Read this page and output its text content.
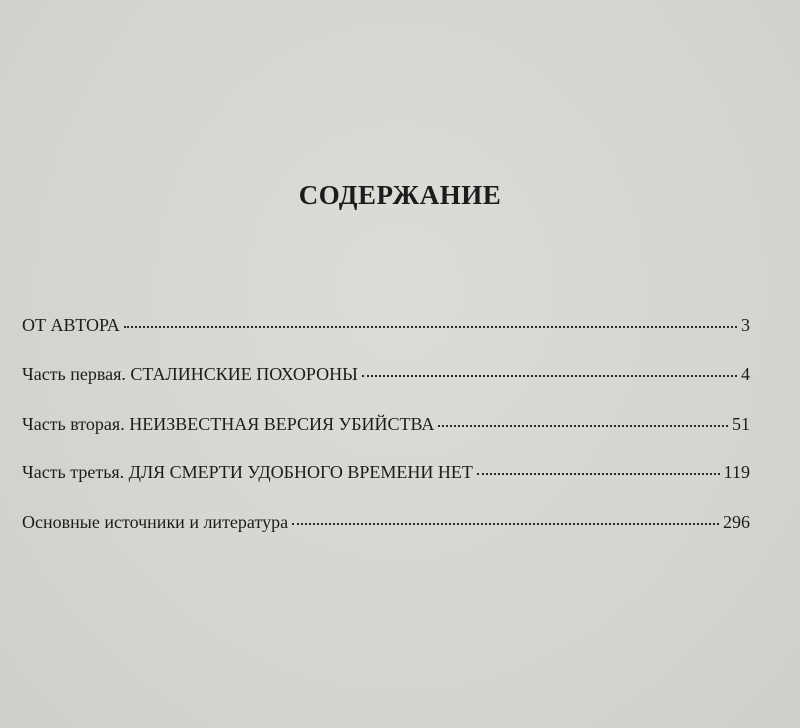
СОДЕРЖАНИЕ
ОТ АВТОРА	3
Часть первая. СТАЛИНСКИЕ ПОХОРОНЫ	4
Часть вторая. НЕИЗВЕСТНАЯ ВЕРСИЯ УБИЙСТВА	51
Часть третья. ДЛЯ СМЕРТИ УДОБНОГО ВРЕМЕНИ НЕТ	119
Основные источники и литература	296
